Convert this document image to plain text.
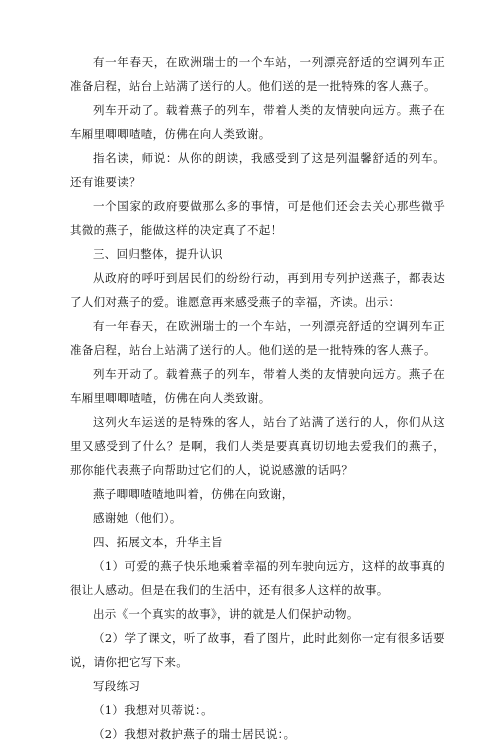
有一年春天，在欧洲瑞士的一个车站，一列漂亮舒适的空调列车正准备启程，站台上站满了送行的人。他们送的是一批特殊的客人燕子。

列车开动了。载着燕子的列车，带着人类的友情驶向远方。燕子在车厢里唧唧喳喳，仿佛在向人类致谢。

指名读，师说：从你的朗读，我感受到了这是列温馨舒适的列车。还有谁要读？

一个国家的政府要做那么多的事情，可是他们还会去关心那些微乎其微的燕子，能做这样的决定真了不起！

三、回归整体，提升认识

从政府的呼吁到居民们的纷纷行动，再到用专列护送燕子，都表达了人们对燕子的爱。谁愿意再来感受燕子的幸福，齐读。出示：

有一年春天，在欧洲瑞士的一个车站，一列漂亮舒适的空调列车正准备启程，站台上站满了送行的人。他们送的是一批特殊的客人燕子。

列车开动了。载着燕子的列车，带着人类的友情驶向远方。燕子在车厢里唧唧喳喳，仿佛在向人类致谢。

这列火车运送的是特殊的客人，站台了站满了送行的人，你们从这里又感受到了什么？是啊，我们人类是要真真切切地去爱我们的燕子，那你能代表燕子向帮助过它们的人，说说感激的话吗？

燕子唧唧喳喳地叫着，仿佛在向致谢，

感谢她（他们）。

四、拓展文本，升华主旨

（1）可爱的燕子快乐地乘着幸福的列车驶向远方，这样的故事真的很让人感动。但是在我们的生活中，还有很多人这样的故事。

出示《一个真实的故事》，讲的就是人们保护动物。

（2）学了课文，听了故事，看了图片，此时此刻你一定有很多话要说，请你把它写下来。

写段练习

（1）我想对贝蒂说：。

（2）我想对救护燕子的瑞士居民说：。
